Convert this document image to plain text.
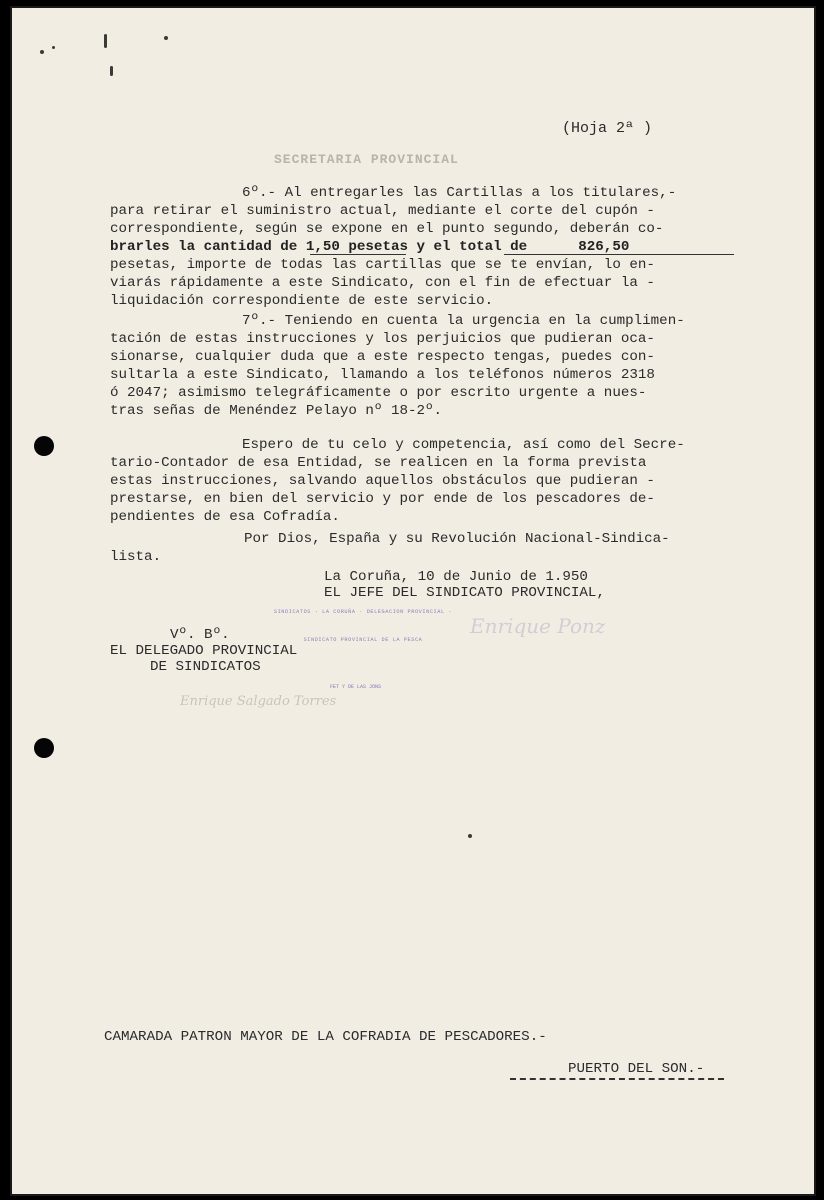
(Hoja 2ª )
SECRETARIA PROVINCIAL
6º.- Al entregarles las Cartillas a los titulares,-
para retirar el suministro actual, mediante el corte del cupón -
correspondiente, según se expone en el punto segundo, deberán co-
brarles la cantidad de 1,50 pesetas y el total de      826,50
pesetas, importe de todas las cartillas que se te envían, lo en-
viarás rápidamente a este Sindicato, con el fin de efectuar la -
liquidación correspondiente de este servicio.
7º.- Teniendo en cuenta la urgencia en la cumplimen-
tación de estas instrucciones y los perjuicios que pudieran oca-
sionarse, cualquier duda que a este respecto tengas, puedes con-
sultarla a este Sindicato, llamando a los teléfonos números 2318
ó 2047; asimismo telegráficamente o por escrito urgente a nues-
tras señas de Menéndez Pelayo nº 18-2º.
Espero de tu celo y competencia, así como del Secre-
tario-Contador de esa Entidad, se realicen en la forma prevista
estas instrucciones, salvando aquellos obstáculos que pudieran -
prestarse, en bien del servicio y por ende de los pescadores de-
pendientes de esa Cofradía.
Por Dios, España y su Revolución Nacional-Sindica-
lista.
La Coruña, 10 de Junio de 1.950
EL JEFE DEL SINDICATO PROVINCIAL,
Vº. Bº.
EL DELEGADO PROVINCIAL
DE SINDICATOS
SINDICATOS · LA CORUÑA · DELEGACION PROVINCIAL · SINDICATO PROVINCIAL DE LA PESCA
FET Y DE LAS JONS
Enrique Ponz
Enrique Salgado Torres
CAMARADA PATRON MAYOR DE LA COFRADIA DE PESCADORES.-
PUERTO DEL SON.-
